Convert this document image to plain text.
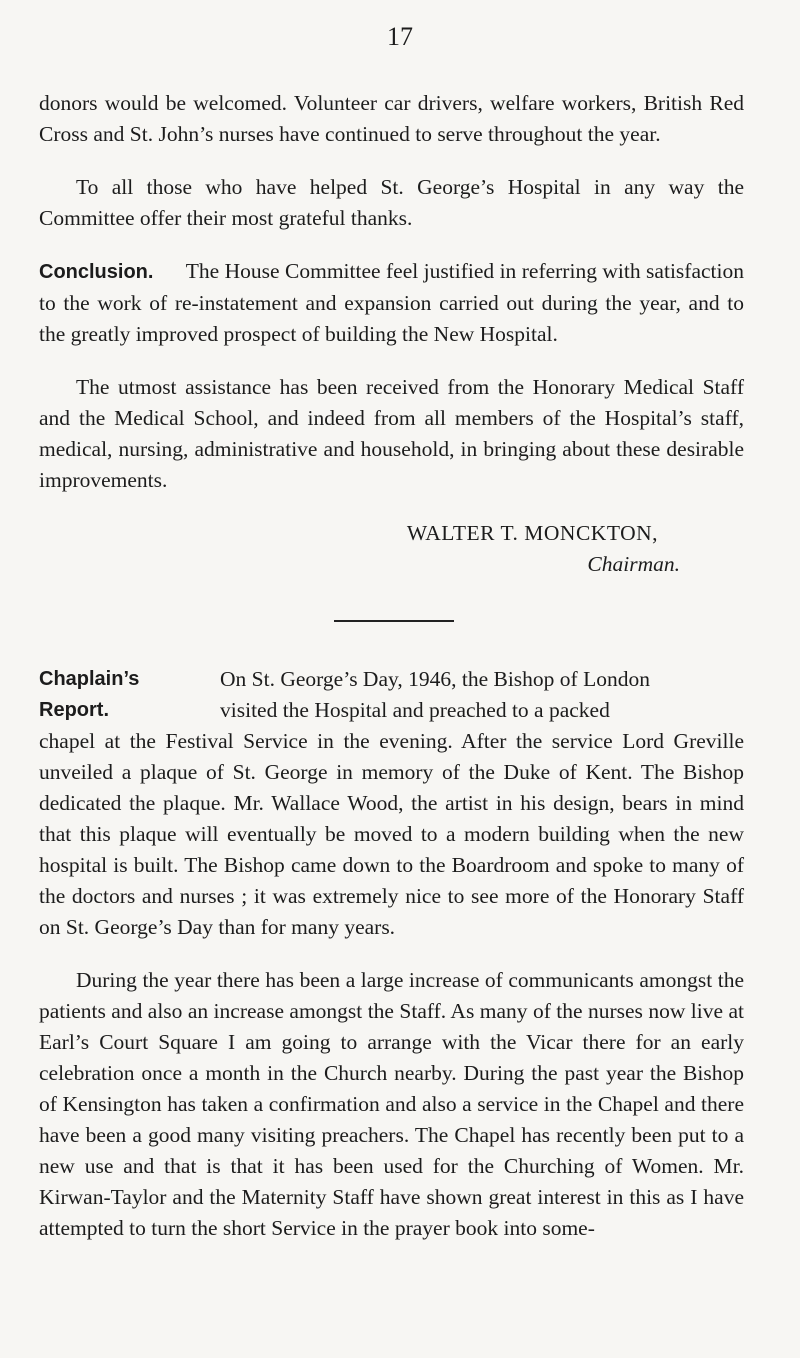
17

donors would be welcomed. Volunteer car drivers, welfare workers, British Red Cross and St. John’s nurses have continued to serve throughout the year.

To all those who have helped St. George’s Hospital in any way the Committee offer their most grateful thanks.

Conclusion. The House Committee feel justified in referring with satisfaction to the work of re-instatement and expansion carried out during the year, and to the greatly improved prospect of building the New Hospital.

The utmost assistance has been received from the Honorary Medical Staff and the Medical School, and indeed from all members of the Hospital’s staff, medical, nursing, administrative and household, in bringing about these desirable improvements.

WALTER T. MONCKTON,
Chairman.
Chaplain’s
Report.

On St. George’s Day, 1946, the Bishop of London
visited the Hospital and preached to a packed

chapel at the Festival Service in the evening. After the service Lord Greville unveiled a plaque of St. George in memory of the Duke of Kent. The Bishop dedicated the plaque. Mr. Wallace Wood, the artist in his design, bears in mind that this plaque will eventually be moved to a modern building when the new hospital is built. The Bishop came down to the Boardroom and spoke to many of the doctors and nurses ; it was extremely nice to see more of the Honorary Staff on St. George’s Day than for many years.

During the year there has been a large increase of communicants amongst the patients and also an increase amongst the Staff. As many of the nurses now live at Earl’s Court Square I am going to arrange with the Vicar there for an early celebration once a month in the Church nearby. During the past year the Bishop of Kensington has taken a confirmation and also a service in the Chapel and there have been a good many visiting preachers. The Chapel has recently been put to a new use and that is that it has been used for the Churching of Women. Mr. Kirwan-Taylor and the Maternity Staff have shown great interest in this as I have attempted to turn the short Service in the prayer book into some-
